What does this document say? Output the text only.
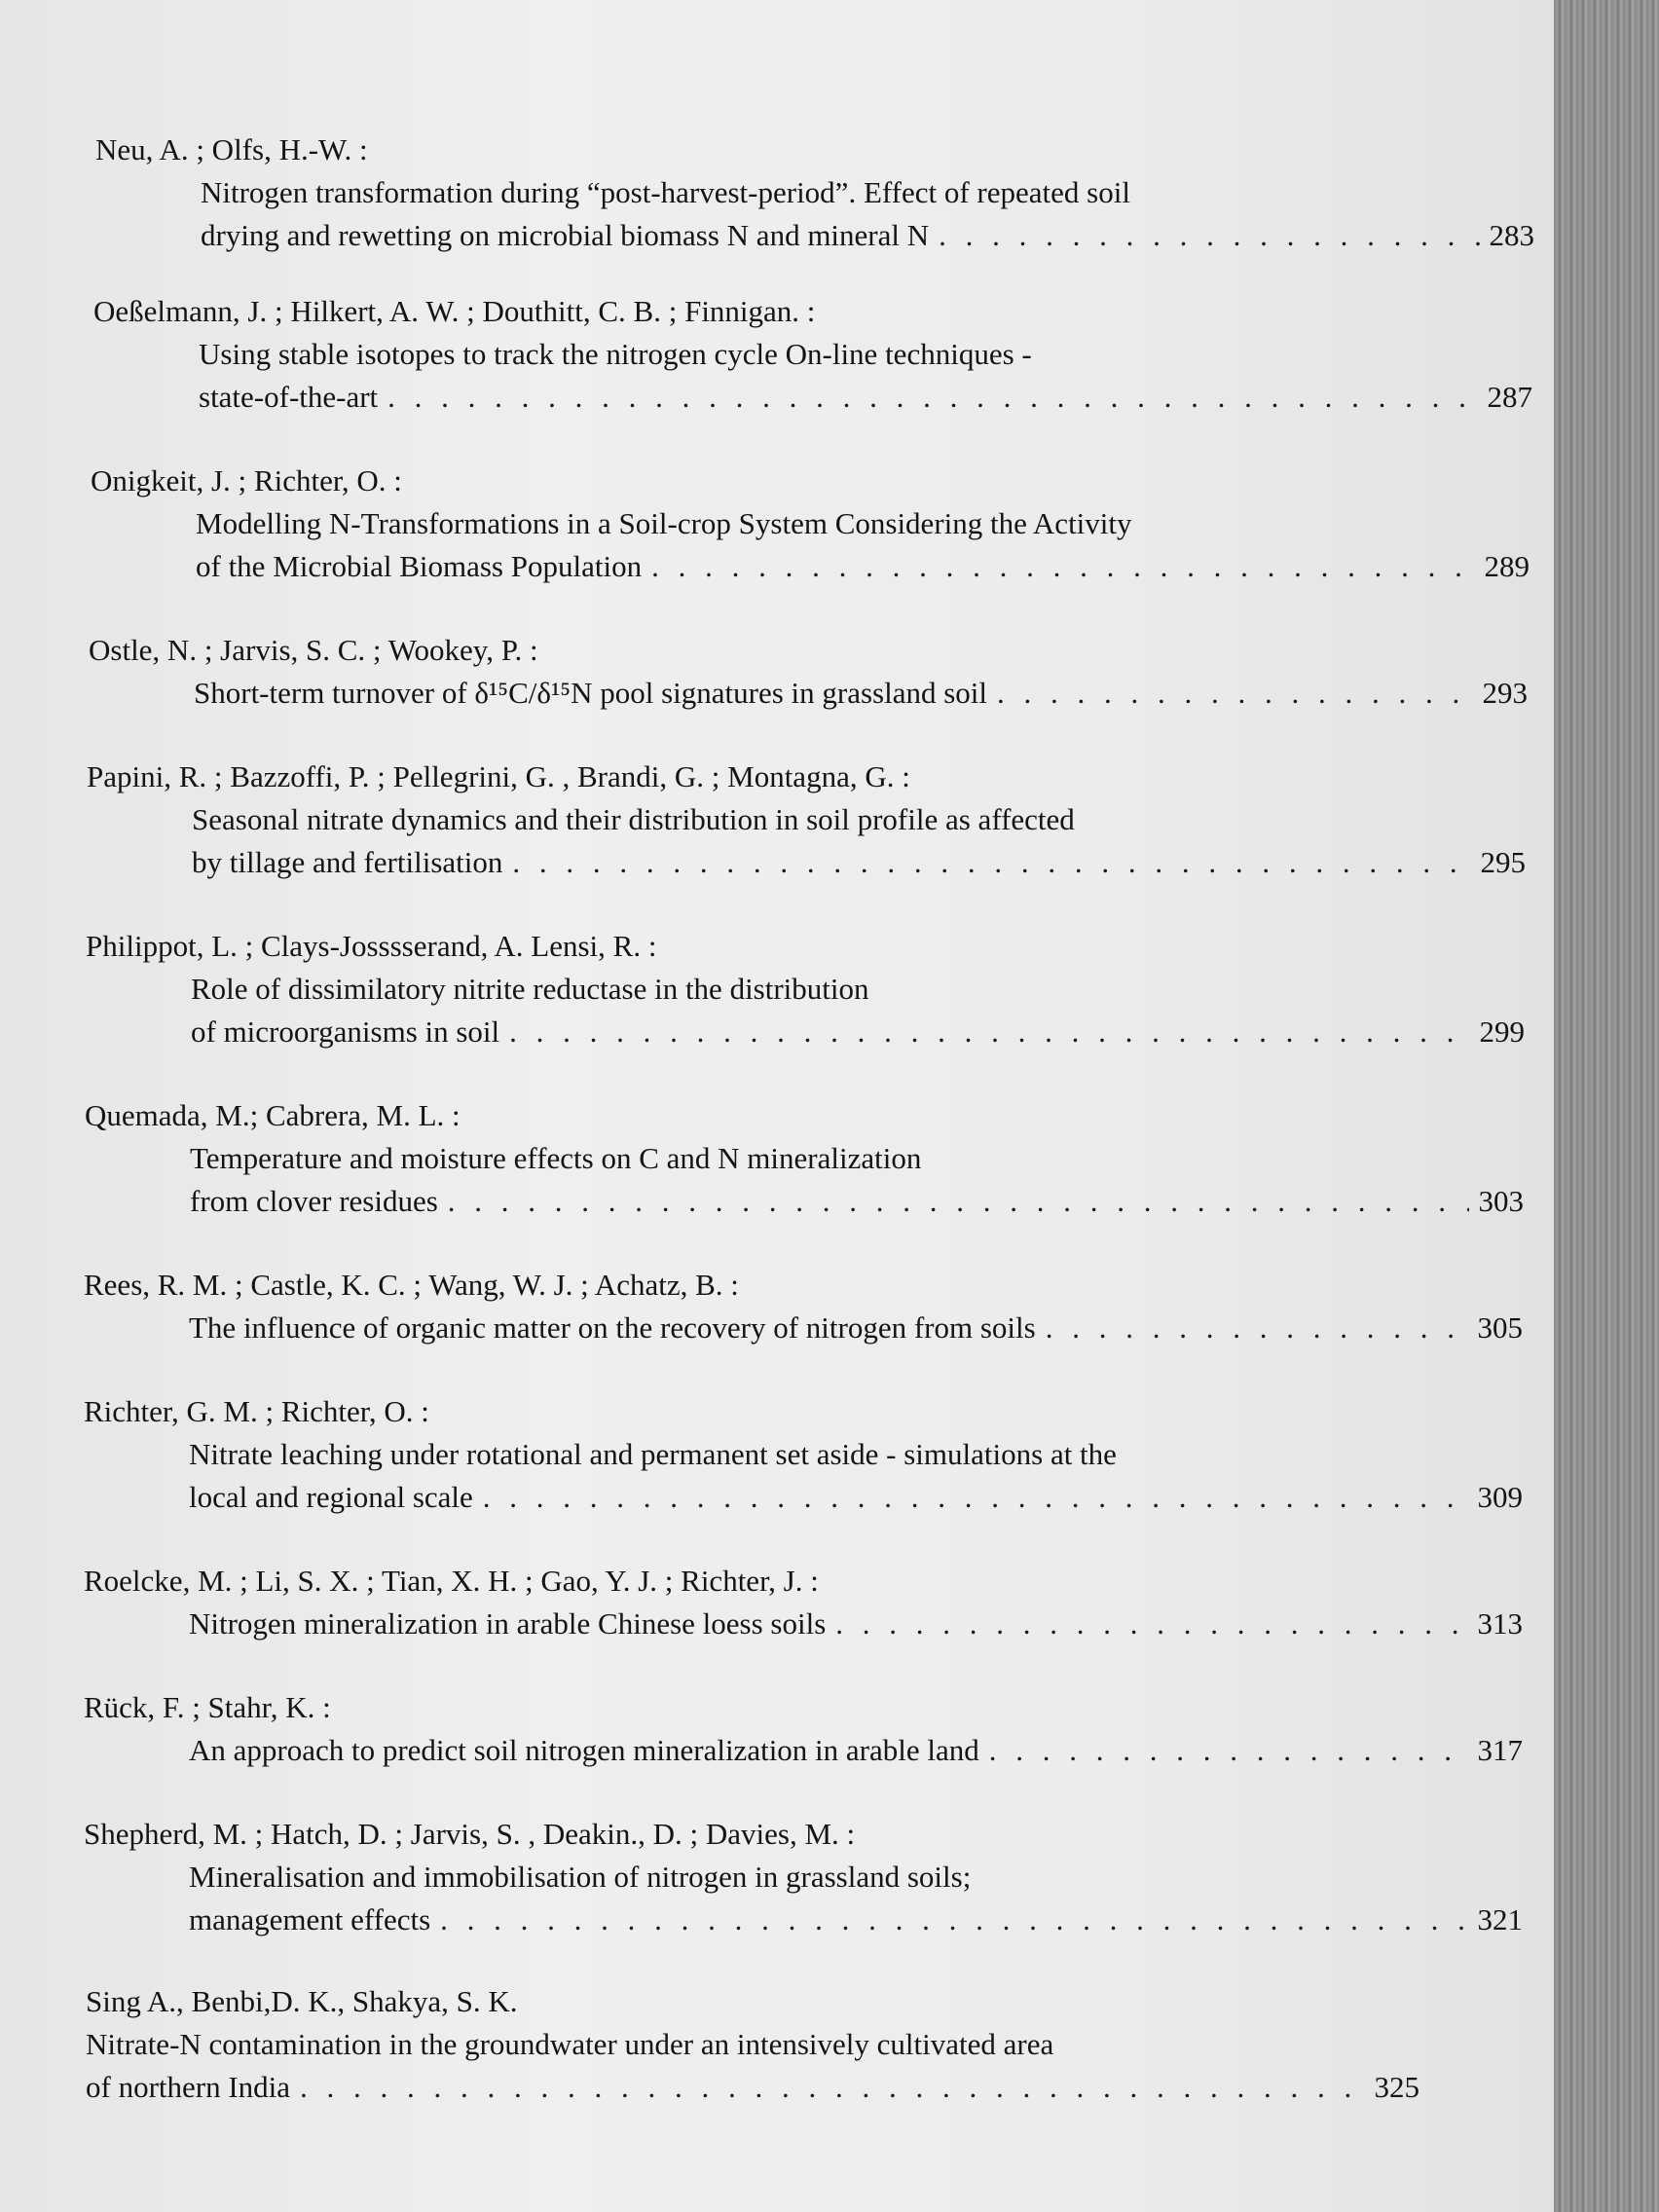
Neu, A. ; Olfs, H.-W. :
Nitrogen transformation during “post-harvest-period”. Effect of repeated soil
drying and rewetting on microbial biomass N and mineral N . . .	283
Oeßelmann, J. ; Hilkert, A. W. ; Douthitt, C. B. ; Finnigan. :
Using stable isotopes to track the nitrogen cycle On-line techniques -
state-of-the-art . . .	287
Onigkeit, J. ; Richter, O. :
Modelling N-Transformations in a Soil-crop System Considering the Activity
of the Microbial Biomass Population . . .	289
Ostle, N. ; Jarvis, S. C. ; Wookey, P. :
Short-term turnover of δ¹⁵C/δ¹⁵N pool signatures in grassland soil . . .	293
Papini, R. ; Bazzoffi, P. ; Pellegrini, G. , Brandi, G. ; Montagna, G. :
Seasonal nitrate dynamics and their distribution in soil profile as affected
by tillage and fertilisation . . .	295
Philippot, L. ; Clays-Josssserand, A. Lensi, R. :
Role of dissimilatory nitrite reductase in the distribution
of microorganisms in soil . . .	299
Quemada, M.; Cabrera, M. L. :
Temperature and moisture effects on C and N mineralization
from clover residues . . .	303
Rees, R. M. ; Castle, K. C. ; Wang, W. J. ; Achatz, B. :
The influence of organic matter on the recovery of nitrogen from soils . . .	305
Richter, G. M. ; Richter, O. :
Nitrate leaching under rotational and permanent set aside - simulations at the
local and regional scale . . .	309
Roelcke, M. ; Li, S. X. ; Tian, X. H. ; Gao, Y. J. ; Richter, J. :
Nitrogen mineralization in arable Chinese loess soils . . .	313
Rück, F. ; Stahr, K. :
An approach to predict soil nitrogen mineralization in arable land . . .	317
Shepherd, M. ; Hatch, D. ; Jarvis, S. , Deakin., D. ; Davies, M. :
Mineralisation and immobilisation of nitrogen in grassland soils;
management effects . . .	321
Sing A., Benbi,D. K., Shakya, S. K.
Nitrate-N contamination in the groundwater under an intensively cultivated area
of northern India . . .	325
